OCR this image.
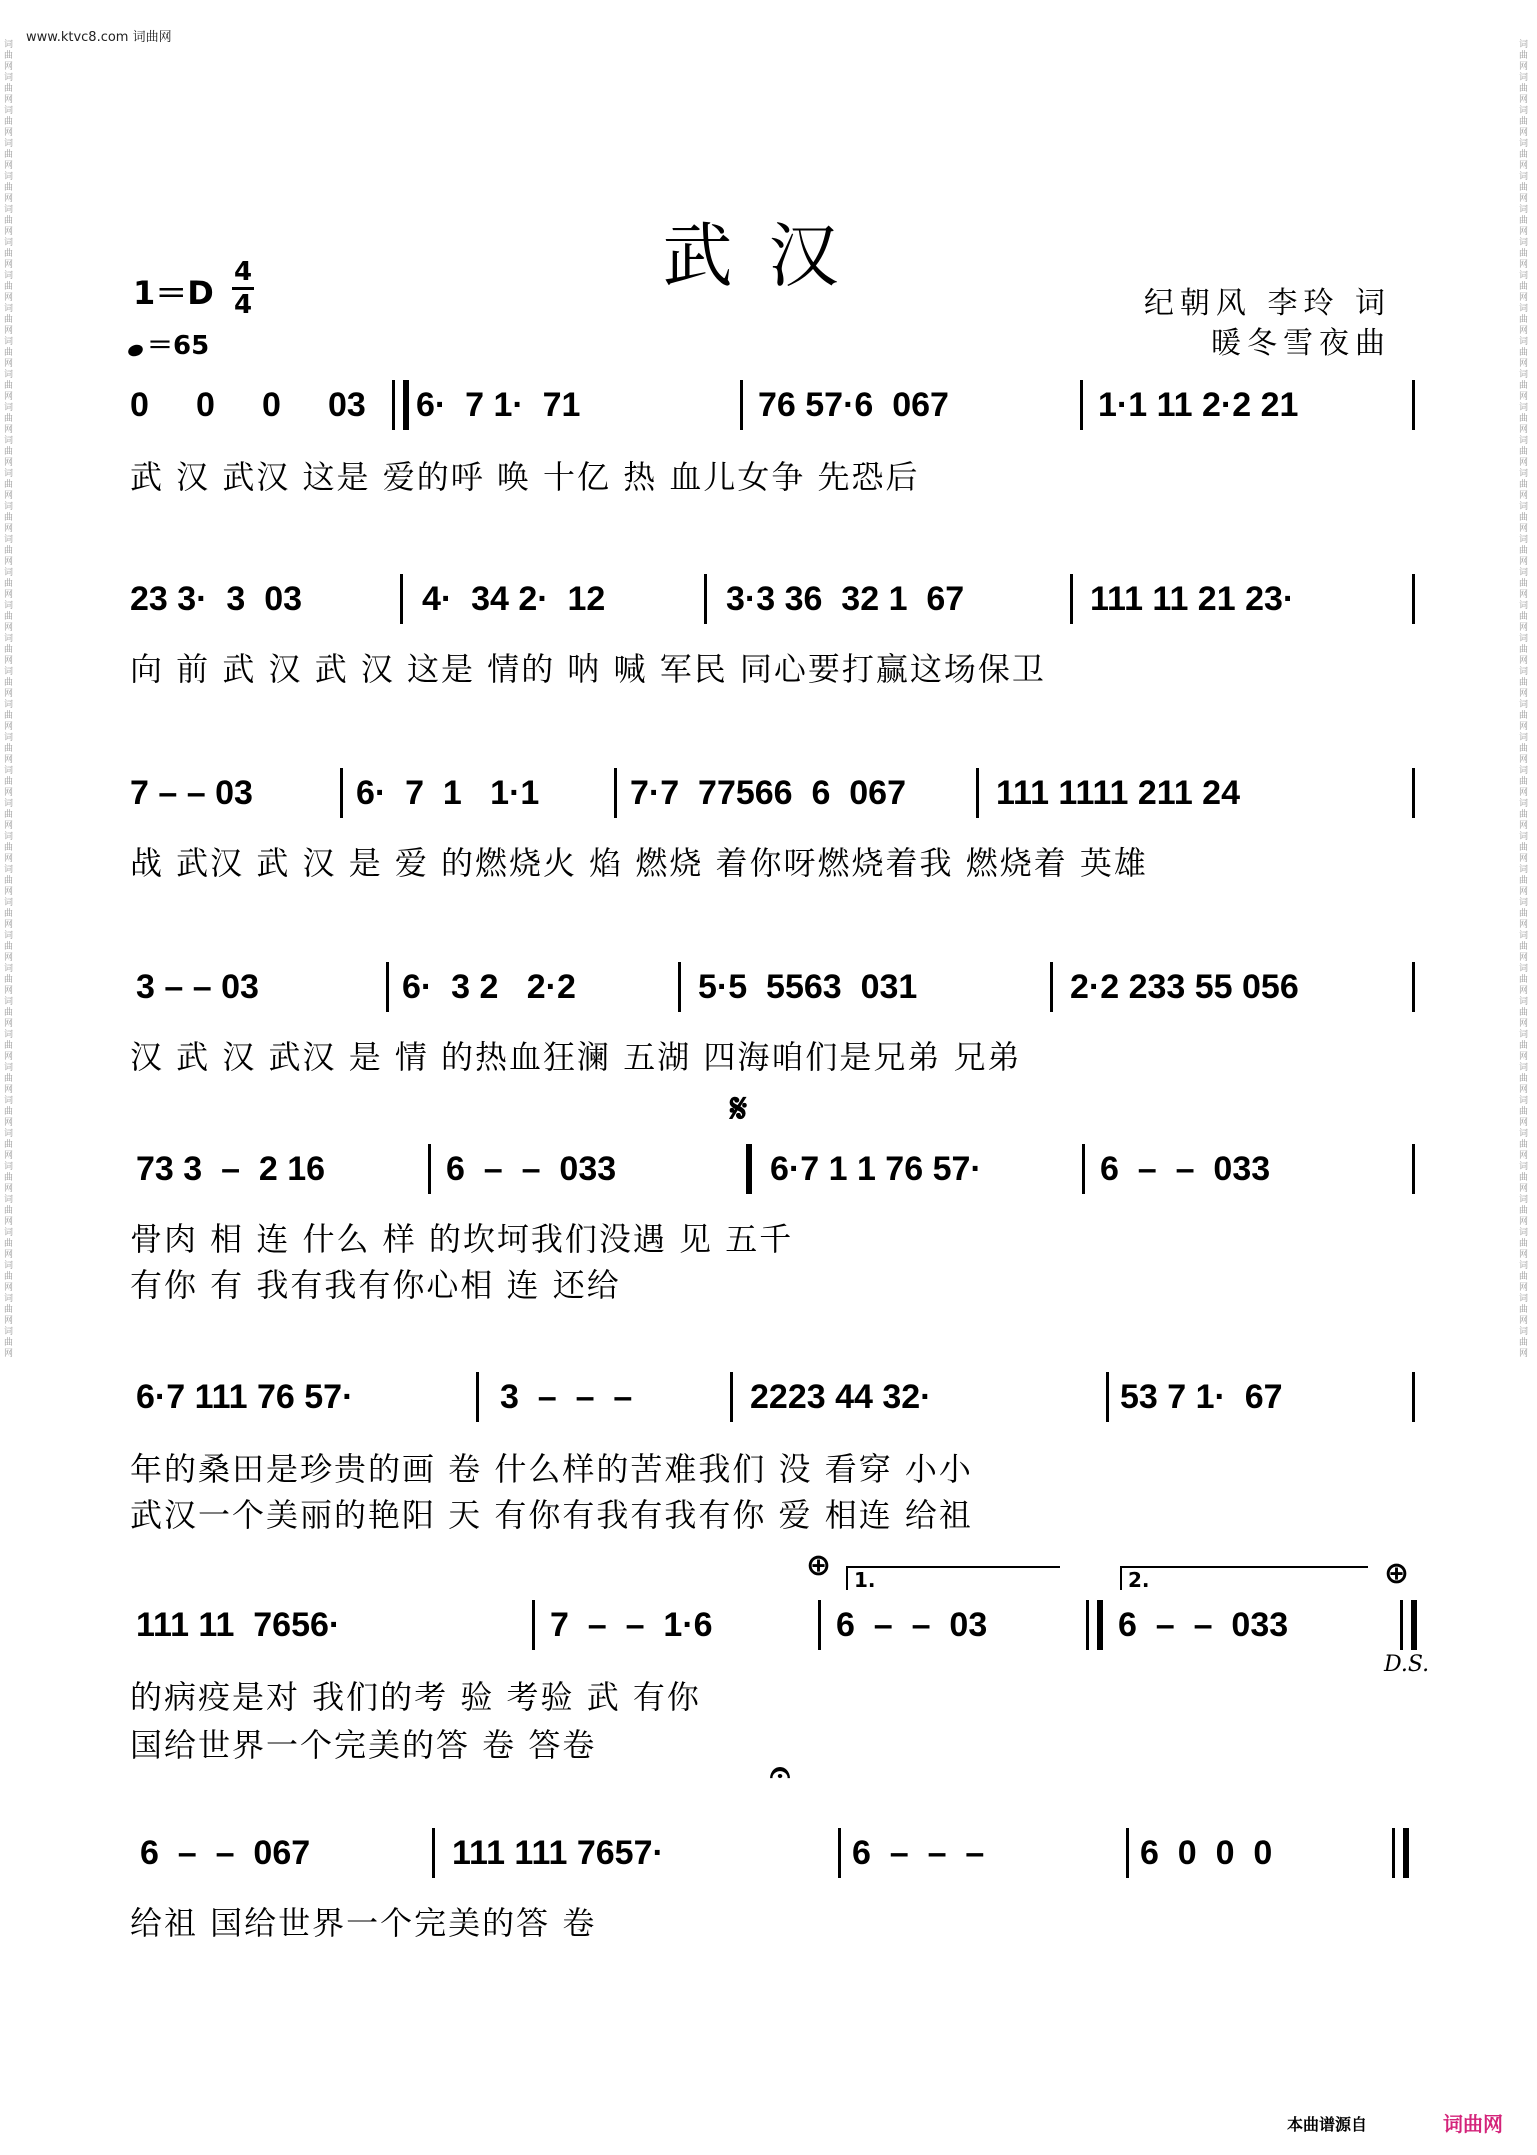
词曲网词曲网词曲网词曲网词曲网词曲网词曲网词曲网词曲网词曲网词曲网词曲网词曲网词曲网词曲网词曲网词曲网词曲网词曲网词曲网词曲网词曲网词曲网词曲网词曲网词曲网词曲网词曲网词曲网词曲网词曲网词曲网词曲网词曲网词曲网词曲网词曲网词曲网词曲网词曲网
词曲网词曲网词曲网词曲网词曲网词曲网词曲网词曲网词曲网词曲网词曲网词曲网词曲网词曲网词曲网词曲网词曲网词曲网词曲网词曲网词曲网词曲网词曲网词曲网词曲网词曲网词曲网词曲网词曲网词曲网词曲网词曲网词曲网词曲网词曲网词曲网词曲网词曲网词曲网词曲网
www.ktvc8.com 词曲网
武汉
1＝D
4
4
＝65
纪朝风 李玲 词
暖冬雪夜曲
0 0 0 03 6·  7 1·  71	76 57·6  067	1·1 11 2·2 21
武 汉 武汉 这是 爱的呼 唤 十亿 热 血儿女争 先恐后
23 3·  3  03	4·  34 2·  12	3·3 36  32 1  67	111 11 21 23·
向 前 武 汉 武 汉 这是 情的 呐 喊 军民 同心要打赢这场保卫
7 – – 03	6·  7  1   1·1	7·7  77566  6  067	111 1111 211 24
战 武汉 武 汉 是 爱 的燃烧火 焰 燃烧 着你呀燃烧着我 燃烧着 英雄
3 – – 03	6·  3 2   2·2	5·5  5563  031	2·2 233 55 056
汉 武 汉 武汉 是 情 的热血狂澜 五湖 四海咱们是兄弟 兄弟
𝄋
73 3  –  2 16	6  –  –  033	6·7 1 1 76 57·	6  –  –  033
骨肉 相 连 什么 样 的坎坷我们没遇 见 五千
有你 有 我有我有你心相 连 还给
6·7 111 76 57·	3  –  –  –	2223 44 32·	53 7 1·  67
年的桑田是珍贵的画 卷 什么样的苦难我们 没 看穿 小小
武汉一个美丽的艳阳 天 有你有我有我有你 爱 相连 给祖
⊕	1.	2.	⊕
111 11  7656·	7  –  –  1·6	6  –  –  03	6  –  –  033
D.S.
的病疫是对 我们的考 验 考验 武 有你
国给世界一个完美的答 卷 答卷
𝄐
6  –  –  067	111 111 7657·	6  –  –  –	6  0  0  0
给祖 国给世界一个完美的答 卷
本曲谱源自	词曲网
